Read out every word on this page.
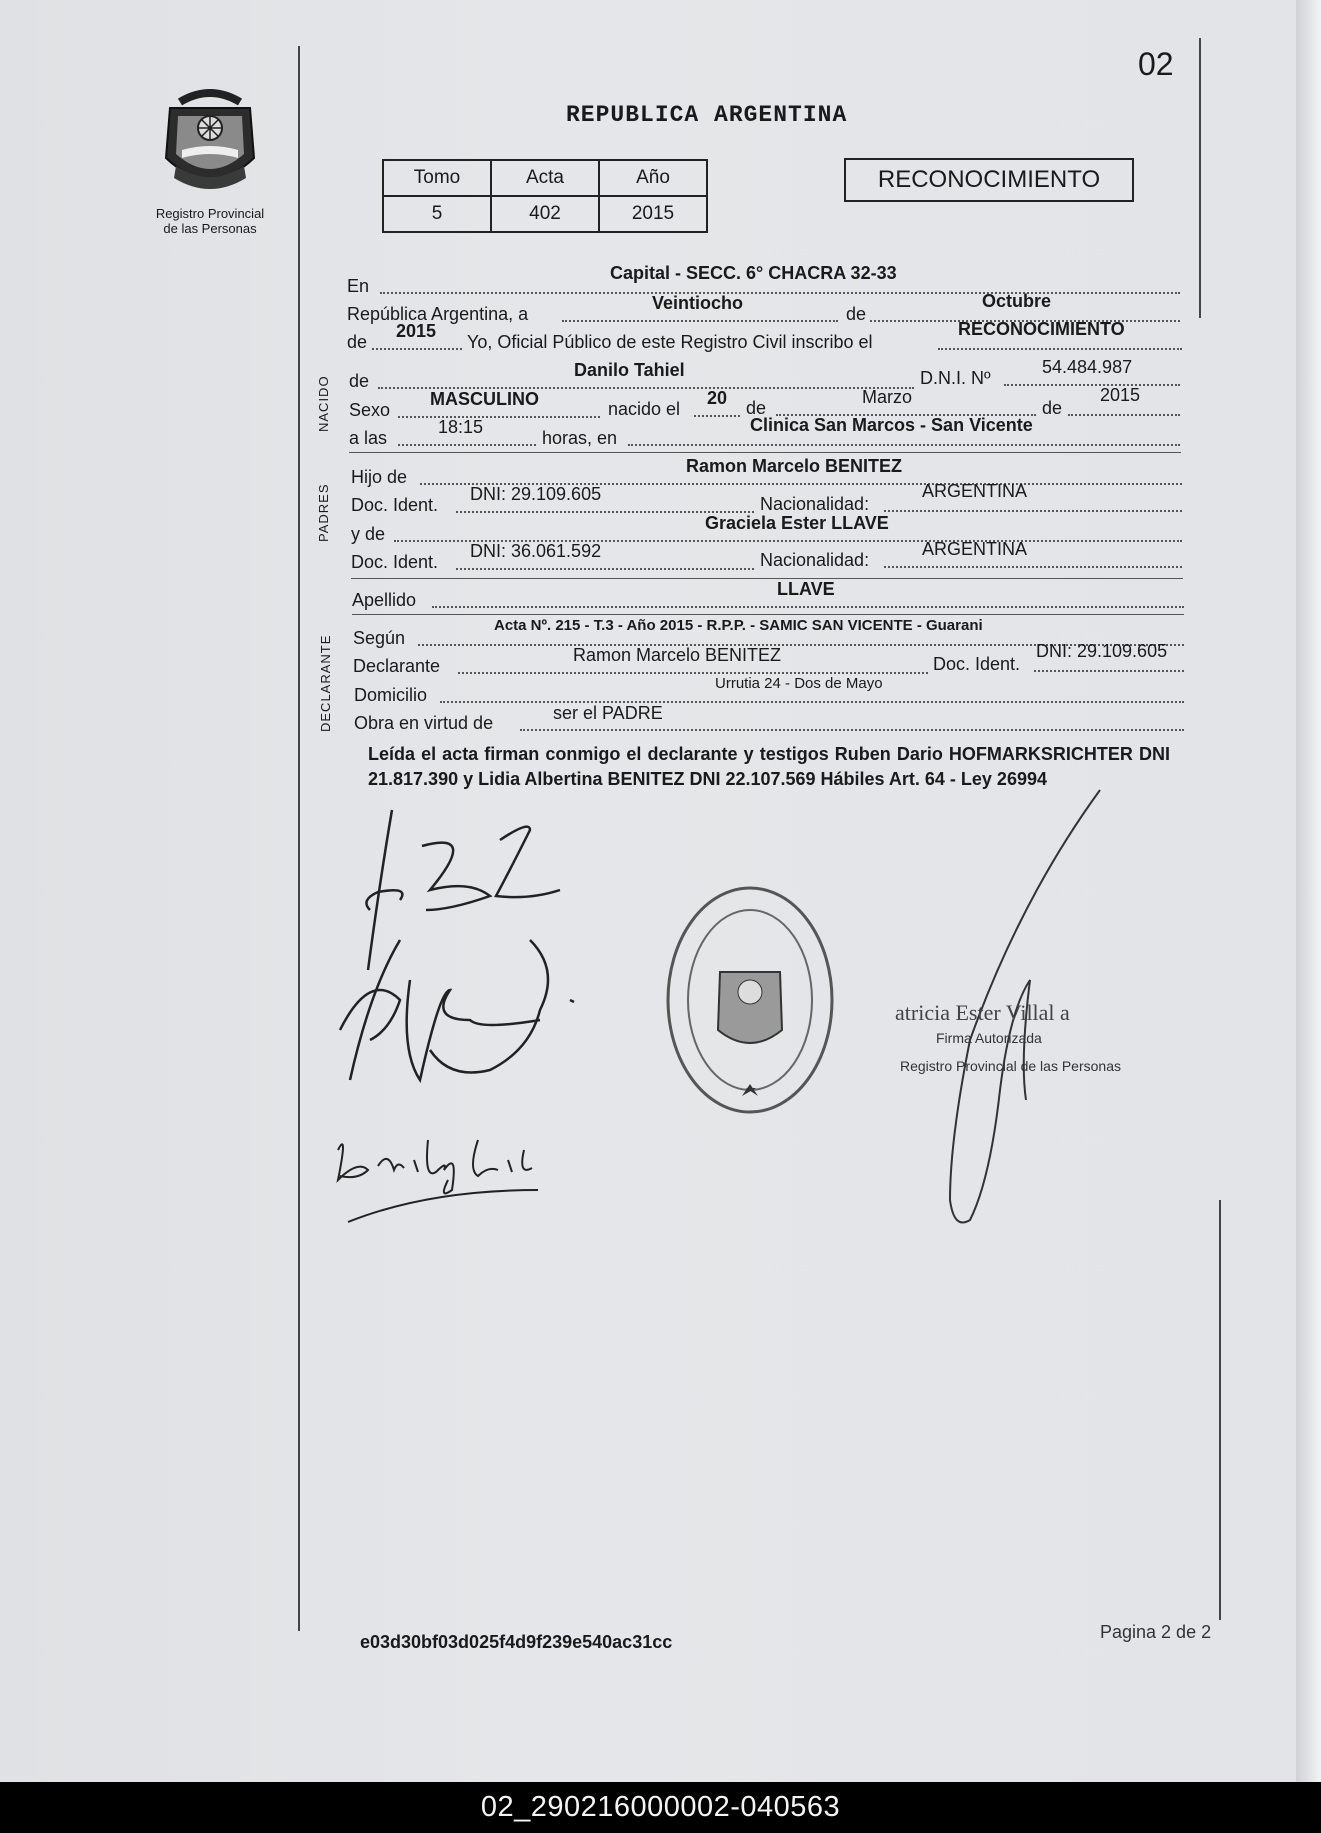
02
Registro Provincial
de las Personas
REPUBLICA ARGENTINA
Tomo	Acta	Año
5	402	2015
RECONOCIMIENTO
En
Capital - SECC. 6° CHACRA 32-33
República Argentina, a
Veintiocho
de
Octubre
de
2015
Yo, Oficial Público de este Registro Civil inscribo el
RECONOCIMIENTO
NACIDO de
Danilo Tahiel	D.N.I. Nº
54.484.987
Sexo
MASCULINO	nacido el
20 de
Marzo
de
2015
a las
18:15
horas, en
Clinica San Marcos - San Vicente
PADRES
Hijo de
Ramon Marcelo BENITEZ
Doc. Ident.
DNI: 29.109.605	Nacionalidad:
ARGENTINA
y de
Graciela Ester LLAVE
Doc. Ident.
DNI: 36.061.592	Nacionalidad:
ARGENTINA
Apellido
LLAVE
DECLARANTE Según
Acta Nº. 215 - T.3 - Año 2015 - R.P.P. - SAMIC SAN VICENTE - Guarani
Declarante
Ramon Marcelo BENITEZ	Doc. Ident.
DNI: 29.109.605
Domicilio
Urrutia 24 - Dos de Mayo
Obra en virtud de	ser el PADRE
Leída el acta firman conmigo el declarante y testigos Ruben Dario HOFMARKSRICHTER DNI 21.817.390 y Lidia Albertina BENITEZ DNI 22.107.569 Hábiles Art. 64 - Ley 26994
atricia Ester Villal a
Firma Autorizada
Registro Provincial de las Personas
e03d30bf03d025f4d9f239e540ac31cc	Pagina 2 de 2
02_290216000002-040563
